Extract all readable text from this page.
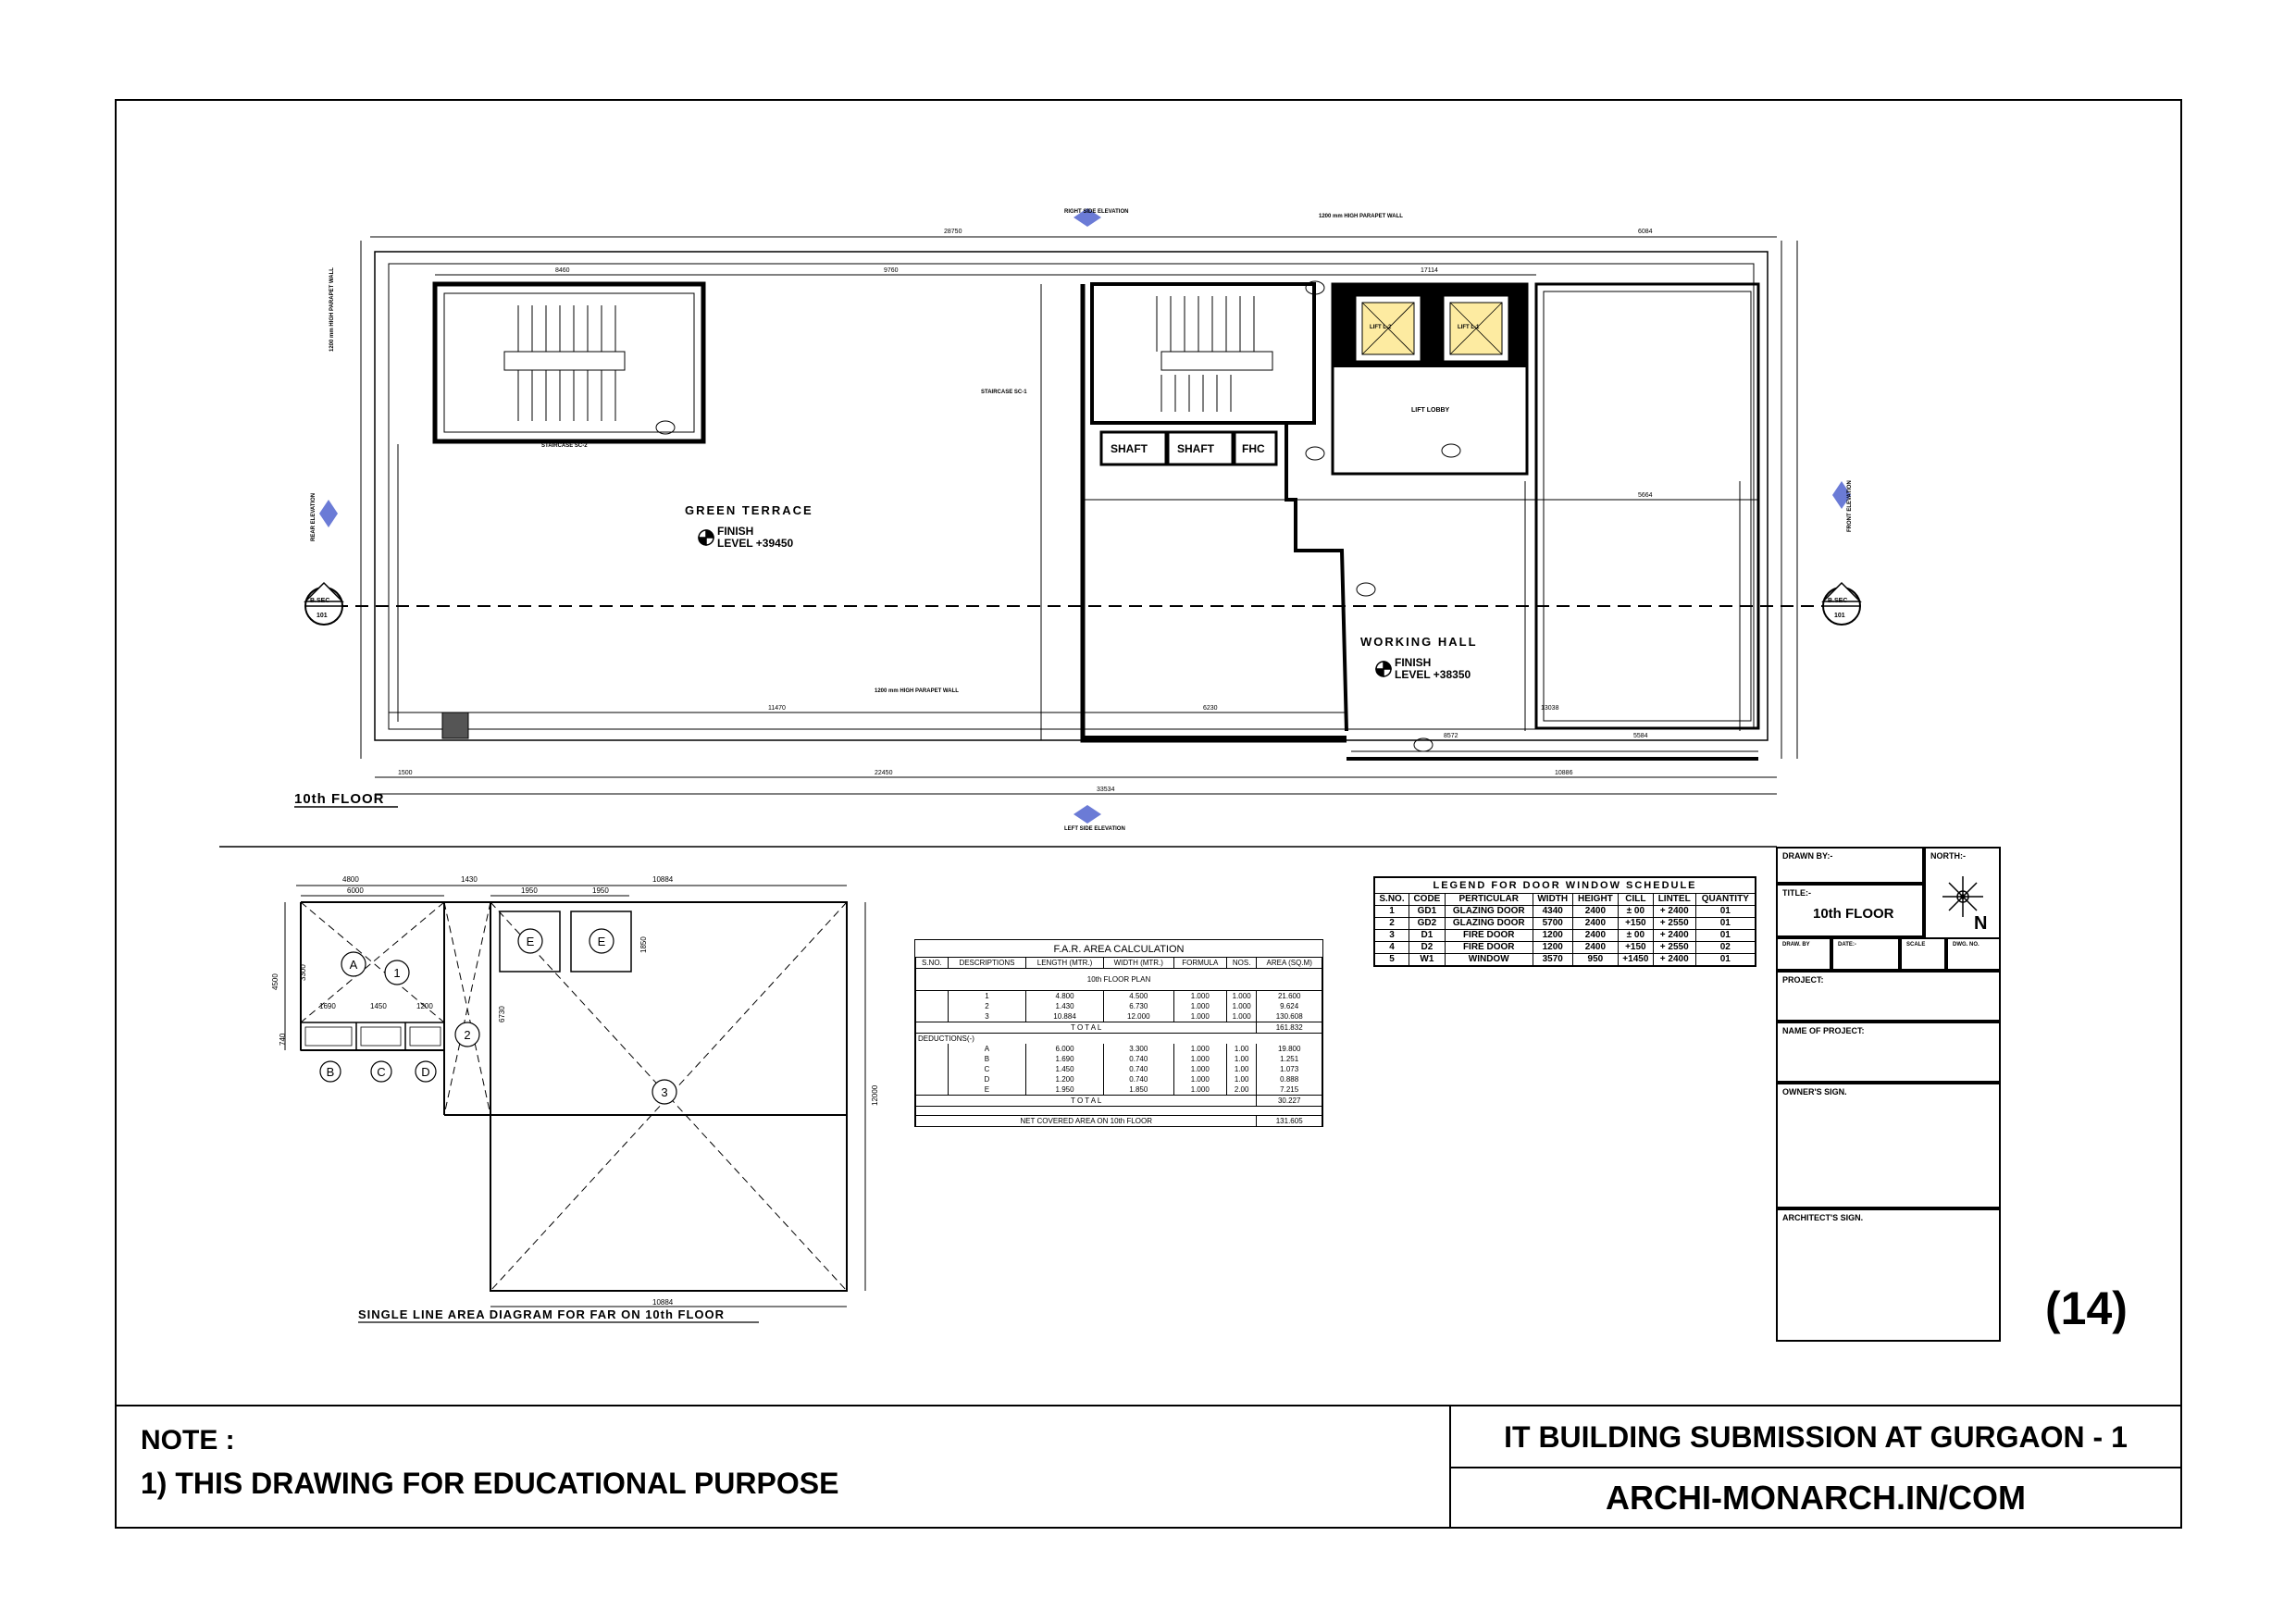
GREEN TERRACE
FINISH
LEVEL +39450
WORKING HALL
FINISH
LEVEL +38350
SHAFT	SHAFT	FHC
LIFT LOBBY
LIFT L-2	LIFT L-1
1200 mm HIGH PARAPET WALL
1200 mm HIGH PARAPET WALL
1200 mm HIGH PARAPET WALL
RIGHT SIDE ELEVATION
LEFT SIDE ELEVATION
REAR ELEVATION	FRONT ELEVATION
B.SEC
101
B.SEC
101
STAIRCASE SC-2
STAIRCASE SC-1
10th FLOOR
28750	6084
8460	9760	17114
33534
1500	22450	10886
11470	6230	13038
5664
5584
8572
A
1
B	C	D
2
E	E
3
4800	1430	10884
6000	1950	1950
4500
3300
1690	1450	1200
740
6730
1850
12000
10884
SINGLE LINE AREA DIAGRAM FOR FAR ON 10th FLOOR
F.A.R. AREA CALCULATION
S.NO.	DESCRIPTIONS	LENGTH (MTR.)	WIDTH (MTR.)	FORMULA	NOS.	AREA (SQ.M)
10th FLOOR PLAN						
	1	4.800	4.500	1.000	1.000	21.600
	2	1.430	6.730	1.000	1.000	9.624
	3	10.884	12.000	1.000	1.000	130.608
T O T A L						161.832
DEDUCTIONS(-)						
	A	6.000	3.300	1.000	1.00	19.800
	B	1.690	0.740	1.000	1.00	1.251
	C	1.450	0.740	1.000	1.00	1.073
	D	1.200	0.740	1.000	1.00	0.888
	E	1.950	1.850	1.000	2.00	7.215
T O T A L						30.227

NET COVERED AREA ON 10th FLOOR						131.605
LEGEND FOR DOOR WINDOW SCHEDULE							
S.NO.	CODE	PERTICULAR	WIDTH	HEIGHT	CILL	LINTEL	QUANTITY
1	GD1	GLAZING DOOR	4340	2400	± 00	+ 2400	01
2	GD2	GLAZING DOOR	5700	2400	+150	+ 2550	01
3	D1	FIRE DOOR	1200	2400	± 00	+ 2400	01
4	D2	FIRE DOOR	1200	2400	+150	+ 2550	02
5	W1	WINDOW	3570	950	+1450	+ 2400	01
DRAWN BY:-	NORTH:-
N
TITLE:-
10th FLOOR
DRAW. BY	DATE:-	SCALE	DWG. NO.
PROJECT:
NAME OF PROJECT:
OWNER'S SIGN.
ARCHITECT'S SIGN.
(14)
NOTE :
1) THIS DRAWING FOR EDUCATIONAL PURPOSE
IT BUILDING SUBMISSION AT GURGAON - 1
ARCHI-MONARCH.IN/COM
